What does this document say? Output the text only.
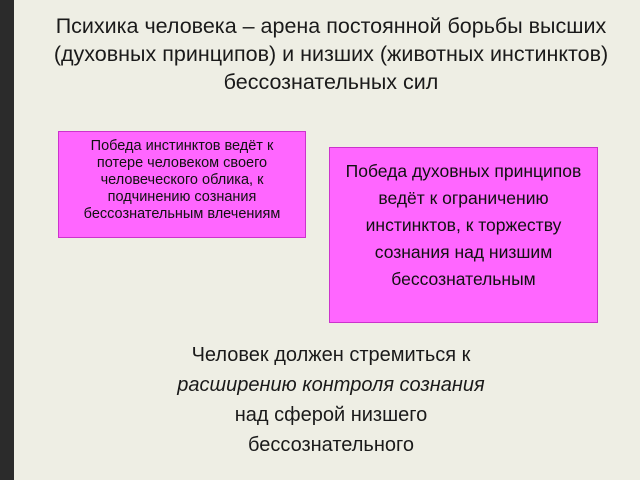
Психика человека – арена постоянной борьбы высших (духовных принципов) и низших (животных инстинктов) бессознательных сил
Победа инстинктов ведёт к потере человеком своего человеческого облика, к подчинению сознания бессознательным влечениям
Победа духовных принципов ведёт к ограничению инстинктов, к торжеству сознания над низшим бессознательным
Человек должен стремиться к
расширению контроля сознания
над сферой низшего
бессознательного
